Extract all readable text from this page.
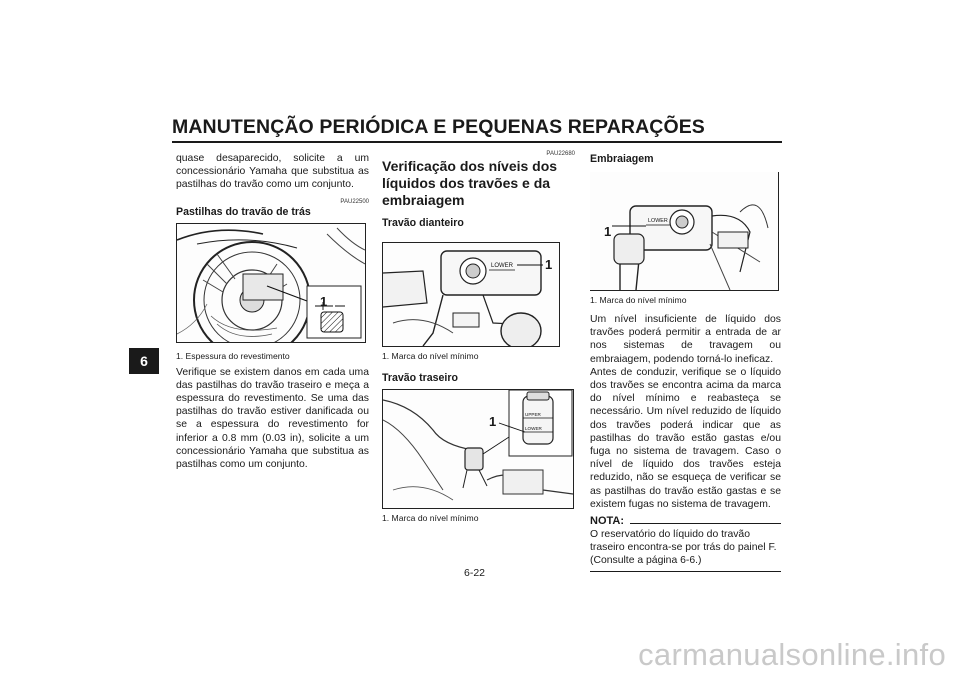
MANUTENÇÃO PERIÓDICA E PEQUENAS REPARAÇÕES
6

quase desaparecido, solicite a um concessionário Yamaha que substitua as pastilhas do travão como um conjunto.

PAU22500
Pastilhas do travão de trás
1
1. Espessura do revestimento

Verifique se existem danos em cada uma das pastilhas do travão traseiro e meça a espessura do revestimento. Se uma das pastilhas do travão estiver danificada ou se a espessura do revestimento for inferior a 0.8 mm (0.03 in), solicite a um concessionário Yamaha que substitua as pastilhas como um conjunto.

PAU22680
Verificação dos níveis dos líquidos dos travões e da embraiagem
Travão dianteiro
LOWER 1
1. Marca do nível mínimo
Travão traseiro
UPPER
LOWER
1
1. Marca do nível mínimo
Embraiagem
LOWER
1
1. Marca do nível mínimo

Um nível insuficiente de líquido dos travões poderá permitir a entrada de ar nos sistemas de travagem ou embraiagem, podendo torná-lo ineficaz.

Antes de conduzir, verifique se o líquido dos travões se encontra acima da marca do nível mínimo e reabasteça se necessário. Um nível reduzido de líquido dos travões poderá indicar que as pastilhas do travão estão gastas e/ou fuga no sistema de travagem. Caso o nível de líquido dos travões esteja reduzido, não se esqueça de verificar se as pastilhas do travão estão gastas e se existem fugas no sistema de travagem.

NOTA:

O reservatório do líquido do travão traseiro encontra-se por trás do painel F. (Consulte a página 6-6.)

6-22
carmanualsonline.info
